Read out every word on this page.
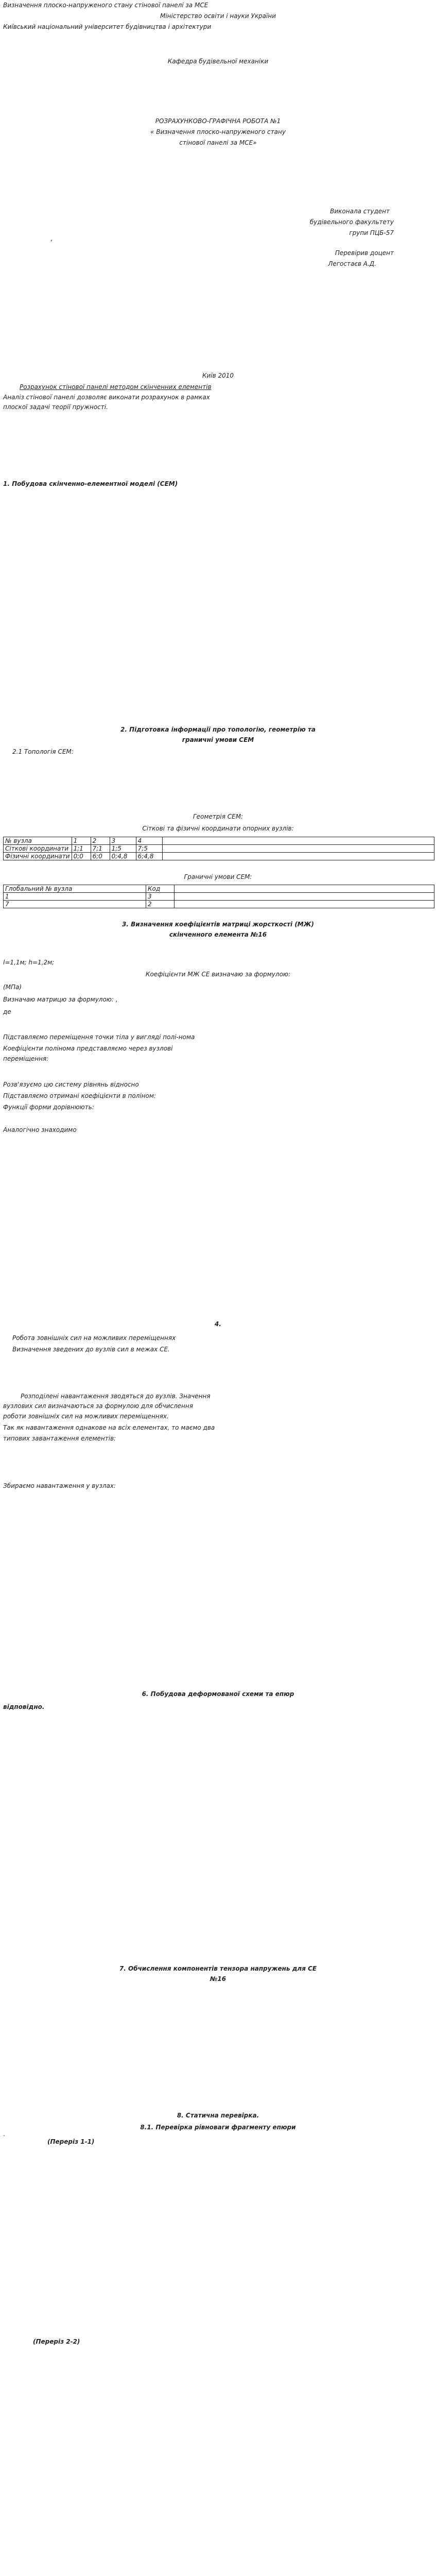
Визначення плоско-напруженого стану стінової панелі за МСЕ
Міністерство освіти і науки України
Київський національний університет будівництва і архітектури
Кафедра будівельної механіки
РОЗРАХУНКОВО-ГРАФІЧНА РОБОТА №1
« Визначення плоско-напруженого стану
стінової панелі за МСЕ»
Виконала студент
будівельного факультету
групи ПЦБ-57
,
Перевірив доцент
Легостаєв А.Д.
Київ 2010
Розрахунок стінової панелі методом скінченних елементів
Аналіз стінової панелі дозволяє виконати розрахунок в рамках
плоскої задачі теорії пружності.
1. Побудова скінченно-елементної моделі (СЕМ)
2. Підготовка інформації про топологію, геометрію та
граничні умови СЕМ
2.1 Топологія СЕМ:
Геометрія СЕМ:
Сіткові та фізичні координати опорних вузлів:
№ вузла	1	2	3	4	
Сіткові координати	1;1	7;1	1;5	7;5	
Фізичні координати	0;0	6;0	0;4,8	6;4,8	
Граничні умови СЕМ:
Глобальний № вузла	Код	
1	3	
7	2	
3. Визначення коефіцієнтів матриці жорсткості (МЖ)
скінченного елемента №16
l=1,1м; h=1,2м;
Коефіцієнти МЖ СЕ визначаю за формулою:
(МПа)
Визначаю матрицю за формулою: ,
де
Підставляємо переміщення точки тіла у вигляді полі-нома
Коефіцієнти полінома представляємо через вузлові
переміщення:
Розв'язуємо цю систему рівнянь відносно
Підставляємо отримані коефіцієнти в поліном:
Функції форми дорівнюють:
Аналогічно знаходимо
4.
Робота зовнішніх сил на можливих переміщеннях
Визначення зведених до вузлів сил в межах СЕ.
Розподілені навантаження зводяться до вузлів. Значення
вузлових сил визначаються за формулою для обчислення
роботи зовнішніх сил на можливих переміщеннях.
Так як навантаження однакове на всіх елементах, то маємо два
типових завантаження елементів:
Збираємо навантаження у вузлах:
6. Побудова деформованої схеми та епюр
відповідно.
7. Обчислення компонентів тензора напружень для СЕ
№16
8. Статична перевірка.
8.1. Перевірка рівноваги фрагменту епюри
.
(Переріз 1-1)
(Переріз 2-2)
